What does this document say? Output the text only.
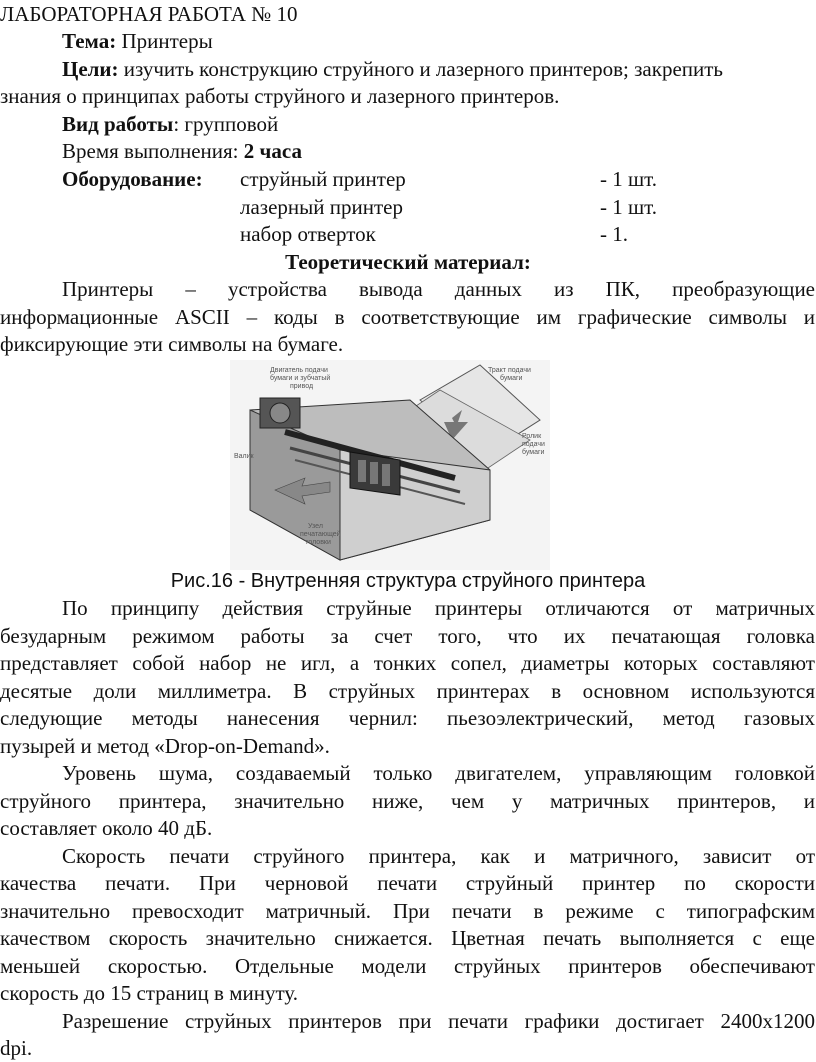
ЛАБОРАТОРНАЯ РАБОТА № 10
Тема: Принтеры
Цели: изучить конструкцию струйного и лазерного принтеров; закрепить
знания о принципах работы струйного и лазерного принтеров.
Вид работы: групповой
Время выполнения: 2 часа
Оборудование: струйный принтер	- 1 шт.
лазерный принтер	- 1 шт.
набор отверток	- 1.
Теоретический материал:
Принтеры – устройства вывода данных из ПК, преобразующие
информационные ASCII – коды в соответствующие им графические символы и
фиксирующие эти символы на бумаге.
Двигатель подачи
бумаги и зубчатый
привод
Тракт подачи
бумаги
Ролик
подачи
бумаги
Валик
Узел
печатающей
головки
Рис.16 - Внутренняя структура струйного принтера
По принципу действия струйные принтеры отличаются от матричных
безударным режимом работы за счет того, что их печатающая головка
представляет собой набор не игл, а тонких сопел, диаметры которых составляют
десятые доли миллиметра. В струйных принтерах в основном используются
следующие методы нанесения чернил: пьезоэлектрический, метод газовых
пузырей и метод «Drop-on-Demand».
Уровень шума, создаваемый только двигателем, управляющим головкой
струйного принтера, значительно ниже, чем у матричных принтеров, и
составляет около 40 дБ.
Скорость печати струйного принтера, как и матричного, зависит от
качества печати. При черновой печати струйный принтер по скорости
значительно превосходит матричный. При печати в режиме с типографским
качеством скорость значительно снижается. Цветная печать выполняется с еще
меньшей скоростью. Отдельные модели струйных принтеров обеспечивают
скорость до 15 страниц в минуту.
Разрешение струйных принтеров при печати графики достигает 2400х1200
dpi.
